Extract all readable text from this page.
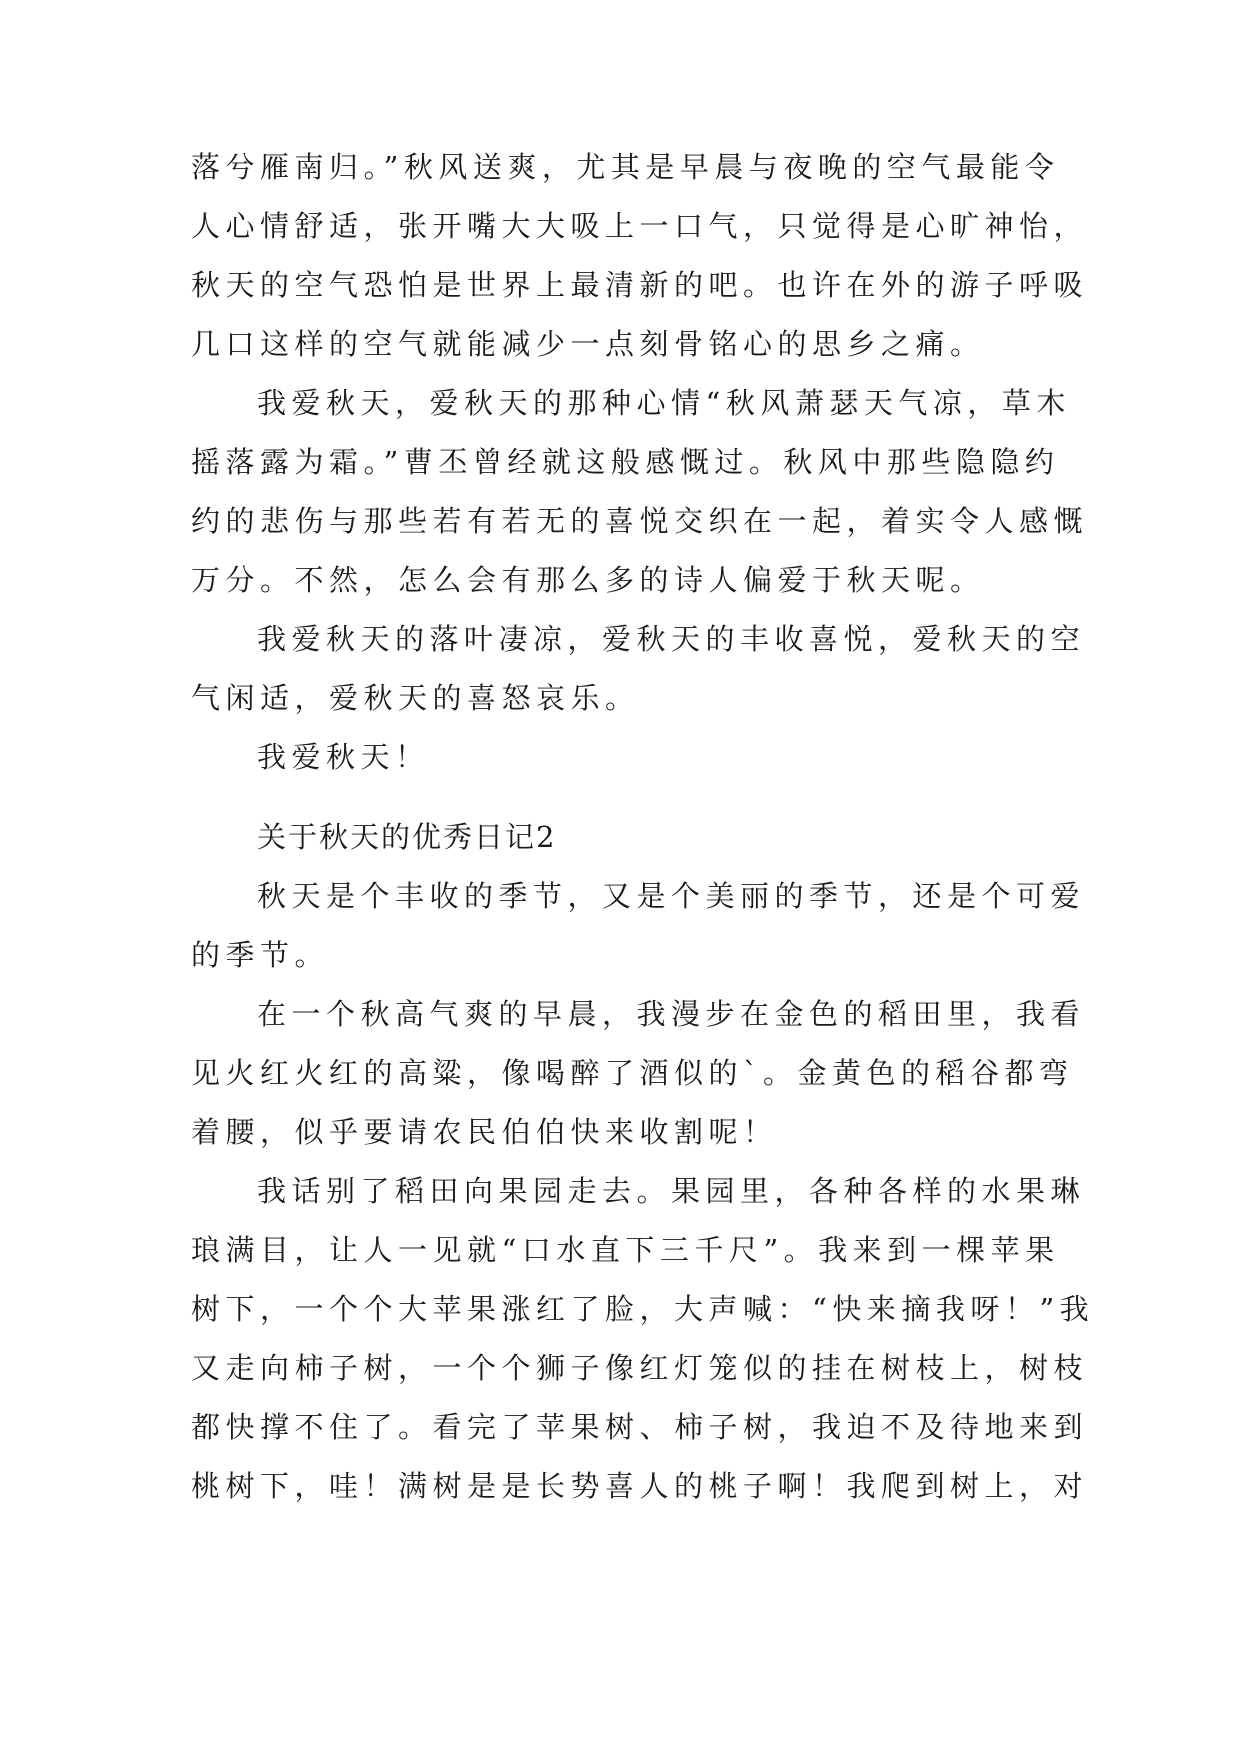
落兮雁南归。”秋风送爽，尤其是早晨与夜晚的空气最能令
人心情舒适，张开嘴大大吸上一口气，只觉得是心旷神怡，
秋天的空气恐怕是世界上最清新的吧。也许在外的游子呼吸
几口这样的空气就能减少一点刻骨铭心的思乡之痛。
我爱秋天，爱秋天的那种心情“秋风萧瑟天气凉，草木
摇落露为霜。”曹丕曾经就这般感慨过。秋风中那些隐隐约
约的悲伤与那些若有若无的喜悦交织在一起，着实令人感慨
万分。不然，怎么会有那么多的诗人偏爱于秋天呢。
我爱秋天的落叶凄凉，爱秋天的丰收喜悦，爱秋天的空
气闲适，爱秋天的喜怒哀乐。
我爱秋天！
关于秋天的优秀日记2
秋天是个丰收的季节，又是个美丽的季节，还是个可爱
的季节。
在一个秋高气爽的早晨，我漫步在金色的稻田里，我看
见火红火红的高粱，像喝醉了酒似的`。金黄色的稻谷都弯
着腰，似乎要请农民伯伯快来收割呢！
我话别了稻田向果园走去。果园里，各种各样的水果琳
琅满目，让人一见就“口水直下三千尺”。我来到一棵苹果
树下，一个个大苹果涨红了脸，大声喊：“快来摘我呀！”我
又走向柿子树，一个个狮子像红灯笼似的挂在树枝上，树枝
都快撑不住了。看完了苹果树、柿子树，我迫不及待地来到
桃树下，哇！满树是是长势喜人的桃子啊！我爬到树上，对
